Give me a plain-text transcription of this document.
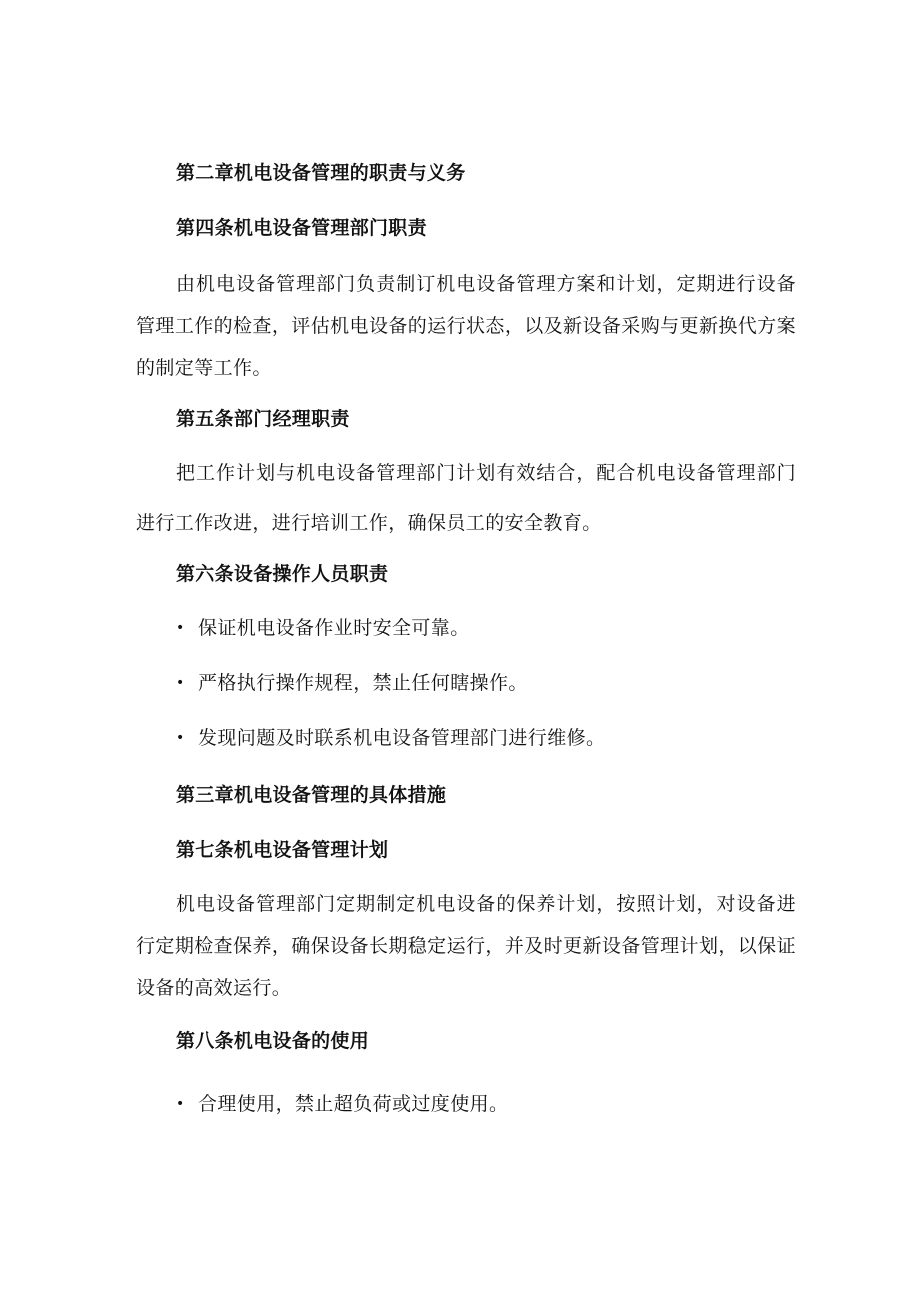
第二章机电设备管理的职责与义务
第四条机电设备管理部门职责
由机电设备管理部门负责制订机电设备管理方案和计划，定期进行设备管理工作的检查，评估机电设备的运行状态，以及新设备采购与更新换代方案的制定等工作。
第五条部门经理职责
把工作计划与机电设备管理部门计划有效结合，配合机电设备管理部门进行工作改进，进行培训工作，确保员工的安全教育。
第六条设备操作人员职责
• 保证机电设备作业时安全可靠。
• 严格执行操作规程，禁止任何瞎操作。
• 发现问题及时联系机电设备管理部门进行维修。
第三章机电设备管理的具体措施
第七条机电设备管理计划
机电设备管理部门定期制定机电设备的保养计划，按照计划，对设备进行定期检查保养，确保设备长期稳定运行，并及时更新设备管理计划，以保证设备的高效运行。
第八条机电设备的使用
• 合理使用，禁止超负荷或过度使用。
